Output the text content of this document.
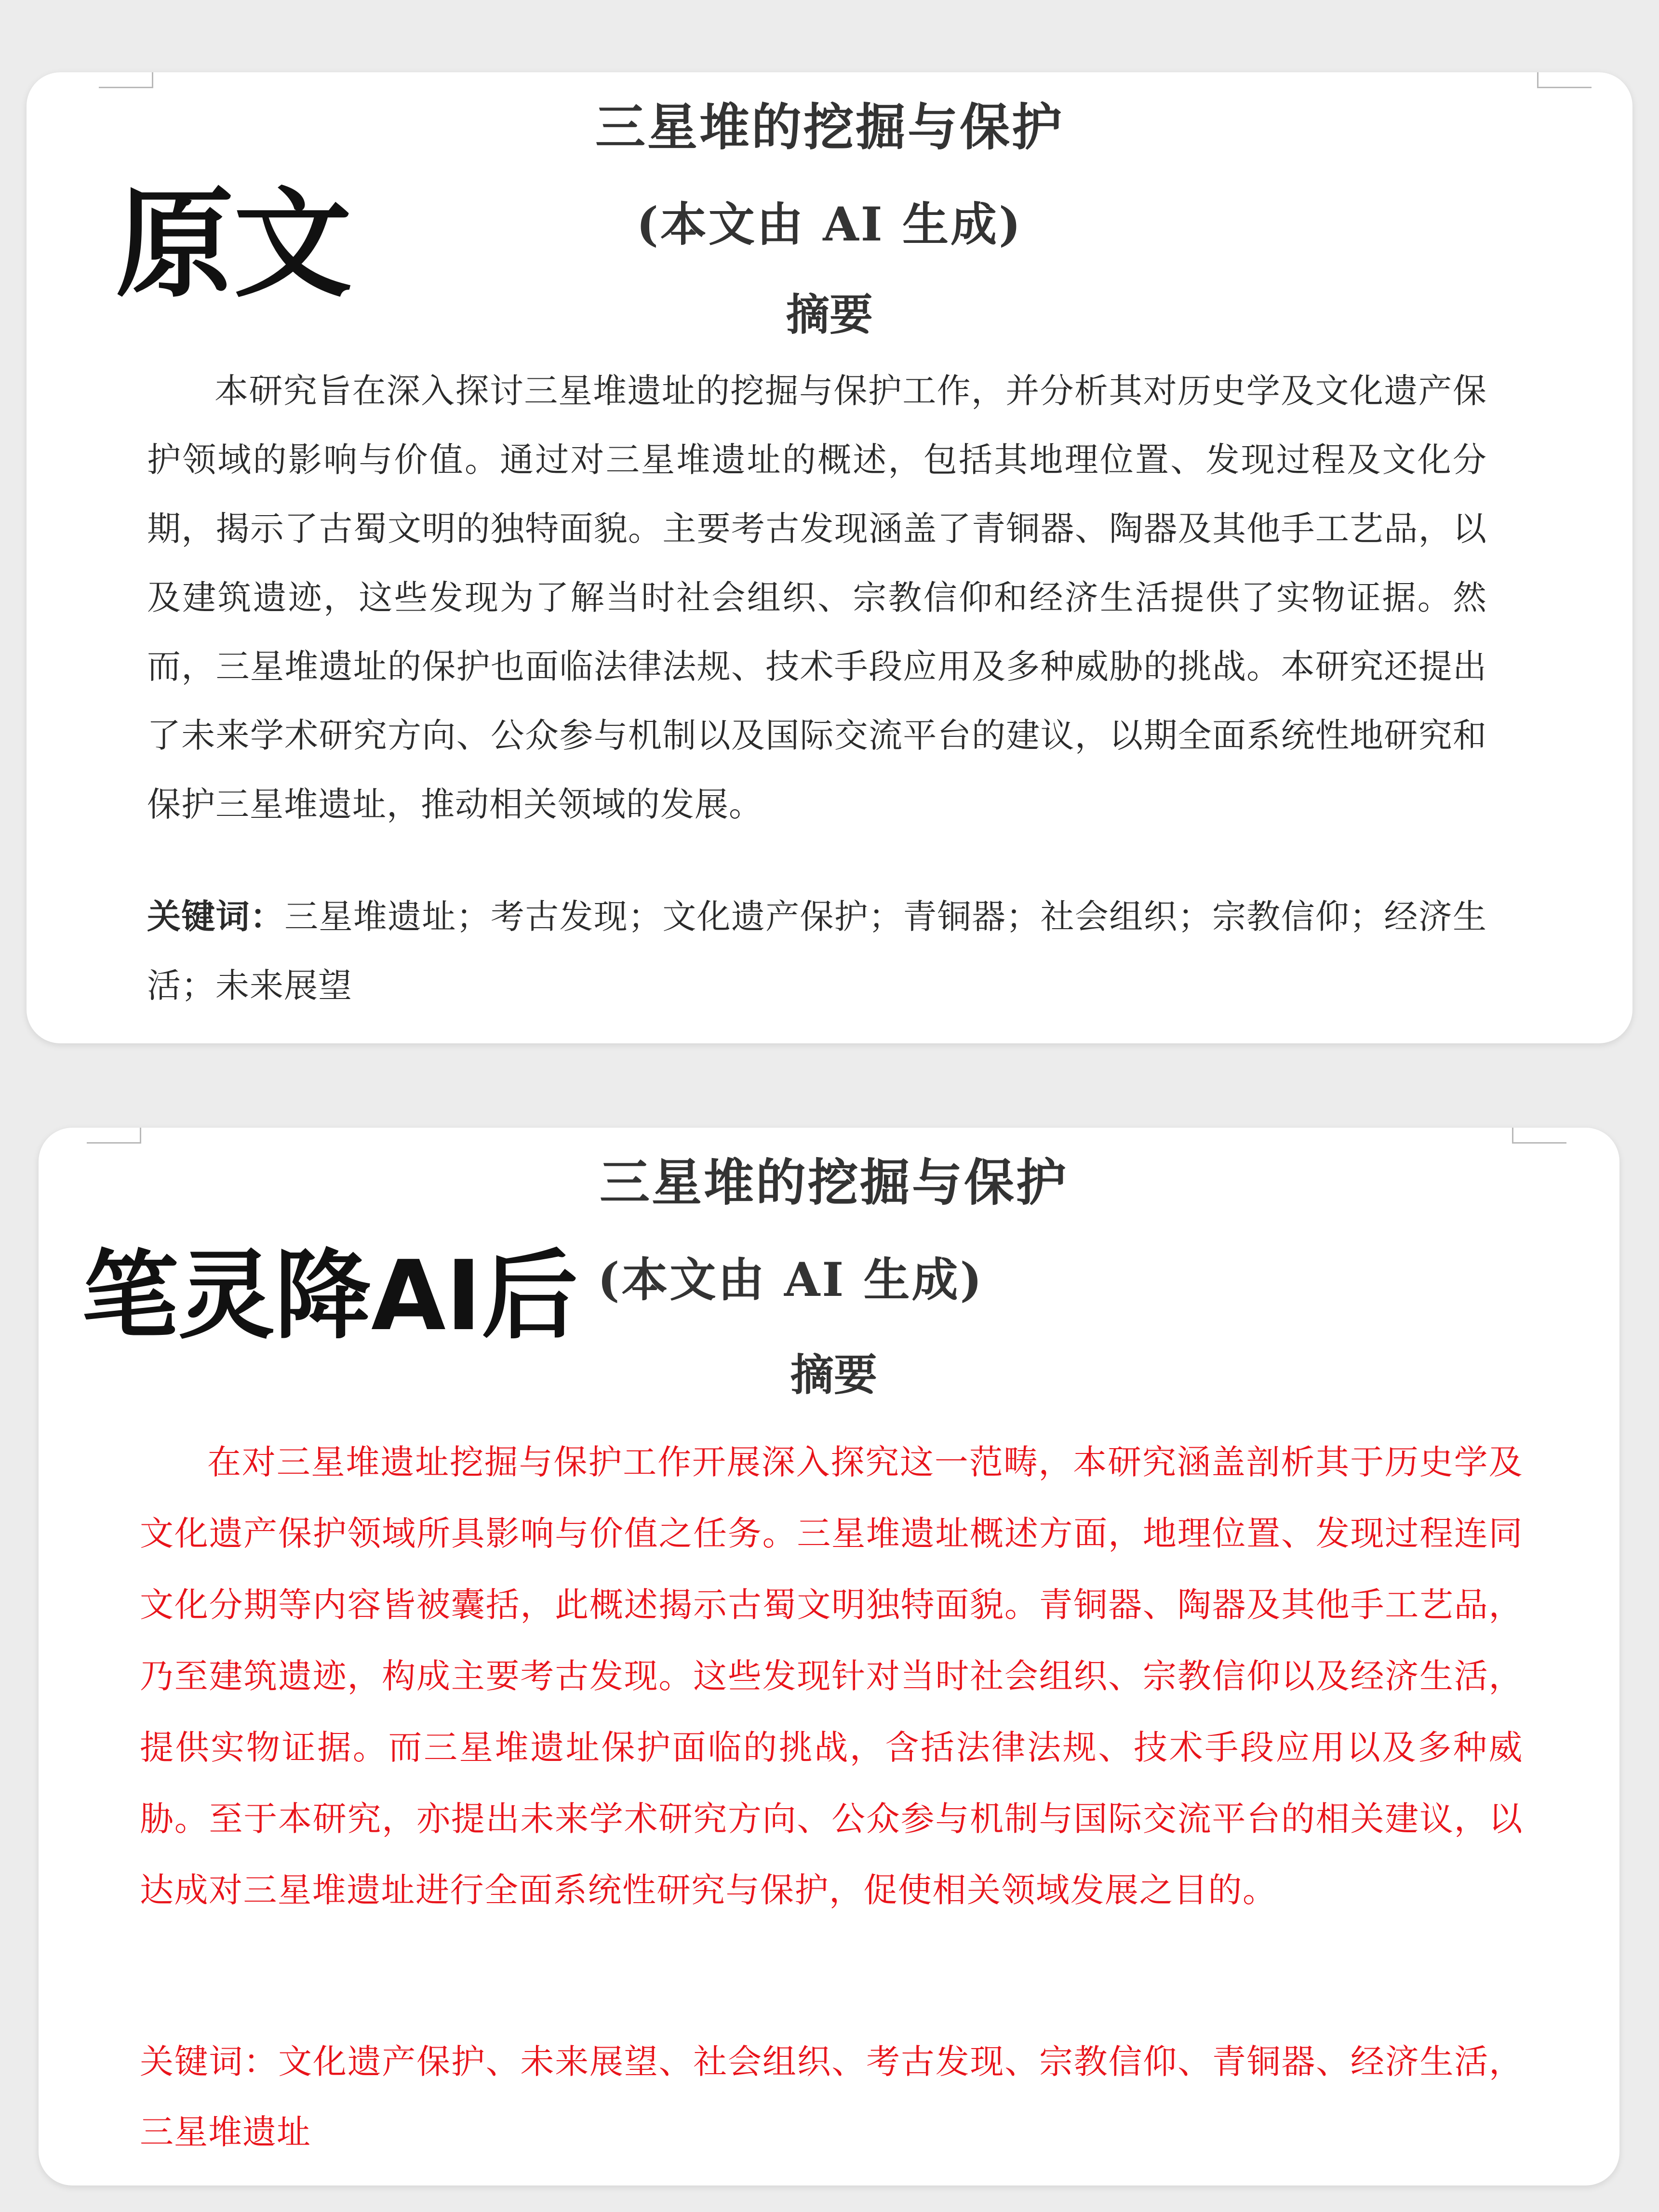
原文
三星堆的挖掘与保护
(本文由 AI 生成)
摘要

本研究旨在深入探讨三星堆遗址的挖掘与保护工作，并分析其对历史学及文化遗产保护领域的影响与价值。通过对三星堆遗址的概述，包括其地理位置、发现过程及文化分期，揭示了古蜀文明的独特面貌。主要考古发现涵盖了青铜器、陶器及其他手工艺品，以及建筑遗迹，这些发现为了解当时社会组织、宗教信仰和经济生活提供了实物证据。然而，三星堆遗址的保护也面临法律法规、技术手段应用及多种威胁的挑战。本研究还提出了未来学术研究方向、公众参与机制以及国际交流平台的建议，以期全面系统性地研究和保护三星堆遗址，推动相关领域的发展。

关键词：三星堆遗址；考古发现；文化遗产保护；青铜器；社会组织；宗教信仰；经济生活；未来展望

笔灵降AI后
三星堆的挖掘与保护
(本文由 AI 生成)
摘要

在对三星堆遗址挖掘与保护工作开展深入探究这一范畴，本研究涵盖剖析其于历史学及文化遗产保护领域所具影响与价值之任务。三星堆遗址概述方面，地理位置、发现过程连同文化分期等内容皆被囊括，此概述揭示古蜀文明独特面貌。青铜器、陶器及其他手工艺品，乃至建筑遗迹，构成主要考古发现。这些发现针对当时社会组织、宗教信仰以及经济生活，提供实物证据。而三星堆遗址保护面临的挑战，含括法律法规、技术手段应用以及多种威胁。至于本研究，亦提出未来学术研究方向、公众参与机制与国际交流平台的相关建议，以达成对三星堆遗址进行全面系统性研究与保护，促使相关领域发展之目的。

关键词：文化遗产保护、未来展望、社会组织、考古发现、宗教信仰、青铜器、经济生活，三星堆遗址
